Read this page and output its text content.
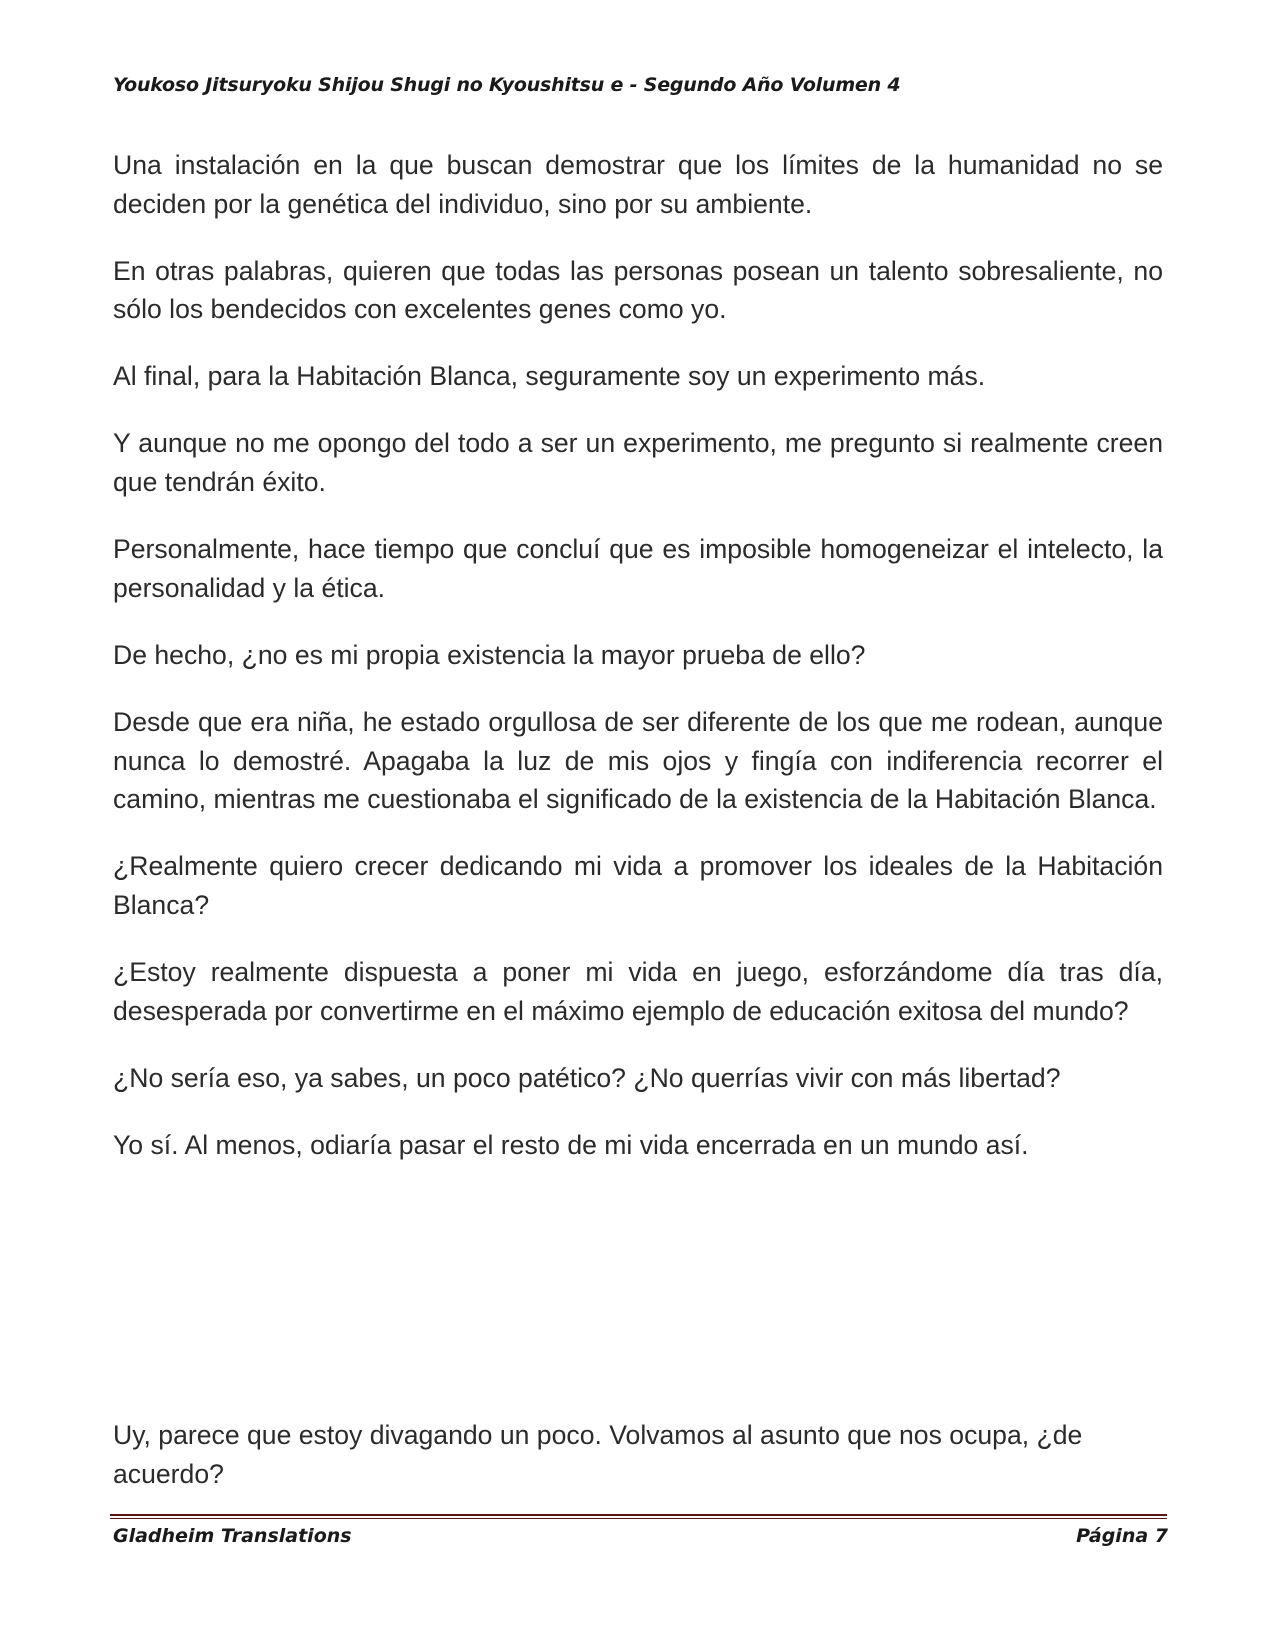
Youkoso Jitsuryoku Shijou Shugi no Kyoushitsu e - Segundo Año Volumen 4

Una instalación en la que buscan demostrar que los límites de la humanidad no se deciden por la genética del individuo, sino por su ambiente.

En otras palabras, quieren que todas las personas posean un talento sobresaliente, no sólo los bendecidos con excelentes genes como yo.

Al final, para la Habitación Blanca, seguramente soy un experimento más.

Y aunque no me opongo del todo a ser un experimento, me pregunto si realmente creen que tendrán éxito.

Personalmente, hace tiempo que concluí que es imposible homogeneizar el intelecto, la personalidad y la ética.

De hecho, ¿no es mi propia existencia la mayor prueba de ello?

Desde que era niña, he estado orgullosa de ser diferente de los que me rodean, aunque nunca lo demostré. Apagaba la luz de mis ojos y fingía con indiferencia recorrer el camino, mientras me cuestionaba el significado de la existencia de la Habitación Blanca.

¿Realmente quiero crecer dedicando mi vida a promover los ideales de la Habitación Blanca?

¿Estoy realmente dispuesta a poner mi vida en juego, esforzándome día tras día, desesperada por convertirme en el máximo ejemplo de educación exitosa del mundo?

¿No sería eso, ya sabes, un poco patético? ¿No querrías vivir con más libertad?

Yo sí. Al menos, odiaría pasar el resto de mi vida encerrada en un mundo así.

Uy, parece que estoy divagando un poco. Volvamos al asunto que nos ocupa, ¿de acuerdo?

Gladheim Translations	Página 7
